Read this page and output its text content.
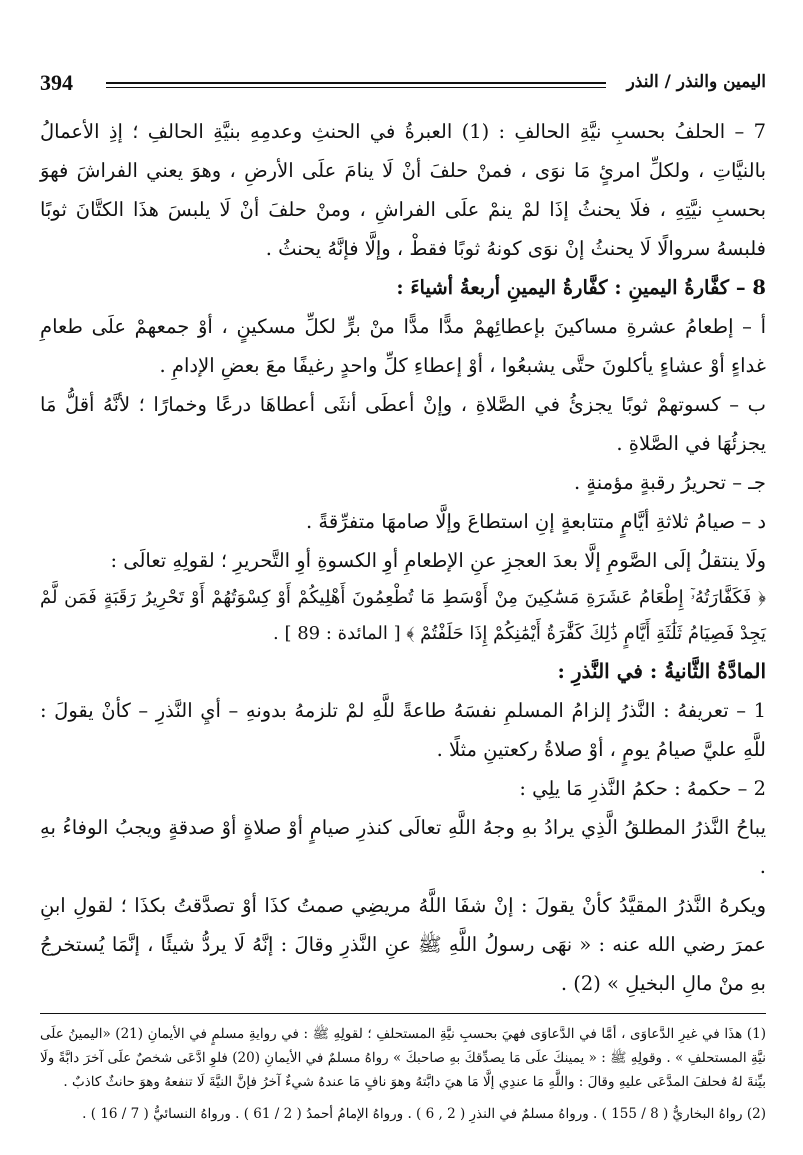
394	اليمين والنذر / النذر

7 – الحلفُ بحسبِ نيَّةِ الحالفِ : (1) العبرةُ في الحنثِ وعدمِهِ بنيَّةِ الحالفِ ؛ إذِ الأعمالُ بالنيَّاتِ ، ولكلِّ امرئٍ مَا نوَى ، فمنْ حلفَ أنْ لَا ينامَ علَى الأرضِ ، وهوَ يعني الفراشَ فهوَ بحسبِ نيَّتِهِ ، فلَا يحنثُ إذَا لمْ ينمْ علَى الفراشِ ، ومنْ حلفَ أنْ لَا يلبسَ هذَا الكتَّانَ ثوبًا فلبسهُ سروالًا لَا يحنثُ إنْ نوَى كونهُ ثوبًا فقطْ ، وإلَّا فإنَّهُ يحنثُ .

8 – كفَّارةُ اليمينِ : كفَّارةُ اليمينِ أربعةُ أشياءَ :

أ – إطعامُ عشرةِ مساكينَ بإعطائِهمْ مدًّا مدًّا منْ برٍّ لكلِّ مسكينٍ ، أوْ جمعهمْ علَى طعامِ غداءٍ أوْ عشاءٍ يأكلونَ حتَّى يشبعُوا ، أوْ إعطاءِ كلِّ واحدٍ رغيفًا معَ بعضِ الإدامِ .

ب – كسوتهمْ ثوبًا يجزئُ في الصَّلاةِ ، وإنْ أعطَى أنثَى أعطاهَا درعًا وخمارًا ؛ لأنَّهُ أقلُّ مَا يجزئُهَا في الصَّلاةِ .

جـ – تحريرُ رقبةٍ مؤمنةٍ .

د – صيامُ ثلاثةِ أيَّامٍ متتابعةٍ إنِ استطاعَ وإلَّا صامهَا متفرِّقةً .

ولَا ينتقلُ إلَى الصَّومِ إلَّا بعدَ العجزِ عنِ الإطعامِ أوِ الكسوةِ أوِ التَّحريرِ ؛ لقولِهِ تعالَى :

﴿ فَكَفَّارَتُهُۥٓ إِطْعَامُ عَشَرَةِ مَسَٰكِينَ مِنْ أَوْسَطِ مَا تُطْعِمُونَ أَهْلِيكُمْ أَوْ كِسْوَتُهُمْ أَوْ تَحْرِيرُ رَقَبَةٍ فَمَن لَّمْ يَجِدْ فَصِيَامُ ثَلَٰثَةِ أَيَّامٍ ذَٰلِكَ كَفَّٰرَةُ أَيْمَٰنِكُمْ إِذَا حَلَفْتُمْ ﴾ [ المائدة : 89 ] .

المادَّةُ الثَّانيةُ : في النَّذرِ :

1 – تعريفهُ : النَّذرُ إلزامُ المسلمِ نفسَهُ طاعةً للَّهِ لمْ تلزمهُ بدونهِ – أيِ النَّذرِ – كأنْ يقولَ : للَّهِ عليَّ صيامُ يومٍ ، أوْ صلاةُ ركعتينِ مثلًا .

2 – حكمهُ : حكمُ النَّذرِ مَا يلِي :

يباحُ النَّذرُ المطلقُ الَّذِي يرادُ بهِ وجهُ اللَّهِ تعالَى كنذرِ صيامٍ أوْ صلاةٍ أوْ صدقةٍ ويجبُ الوفاءُ بهِ .

ويكرهُ النَّذرُ المقيَّدُ كأنْ يقولَ : إنْ شفَا اللَّهُ مريضِي صمتُ كذَا أوْ تصدَّقتُ بكذَا ؛ لقولِ ابنِ عمرَ رضي الله عنه : « نهَى رسولُ اللَّهِ ﷺ عنِ النَّذرِ وقالَ : إنَّهُ لَا يردُّ شيئًا ، إنَّمَا يُستخرجُ بهِ منْ مالِ البخيلِ » (2) .

(1) هذَا في غيرِ الدَّعاوَى ، أمَّا في الدَّعاوَى فهيَ بحسبِ نيَّةِ المستحلفِ ؛ لقولِهِ ﷺ : في روايةِ مسلمٍ في الأيمانِ (21) «اليمينُ علَى نيَّةِ المستحلفِ » . وقولِهِ ﷺ : « يمينكَ علَى مَا يصدِّقكَ بهِ صاحبكَ » رواهُ مسلمٌ في الأيمانِ (20) فلوِ ادَّعَى شخصٌ علَى آخرَ دابَّةً ولَا بيِّنةَ لهُ فحلفَ المدَّعَى عليهِ وقالَ : واللَّهِ مَا عندِي إلَّا مَا هيَ دابَّتهُ وهوَ نافٍ مَا عندهُ شيءٌ آخرُ فإنَّ النيَّةَ لَا تنفعهُ وهوَ حانثٌ كاذبٌ .

(2) رواهُ البخاريُّ ( 8 / 155 ) . ورواهُ مسلمٌ في النذرِ ( 2 , 6 ) . ورواهُ الإمامُ أحمدُ ( 2 / 61 ) . ورواهُ النسائيُّ ( 7 / 16 ) .
